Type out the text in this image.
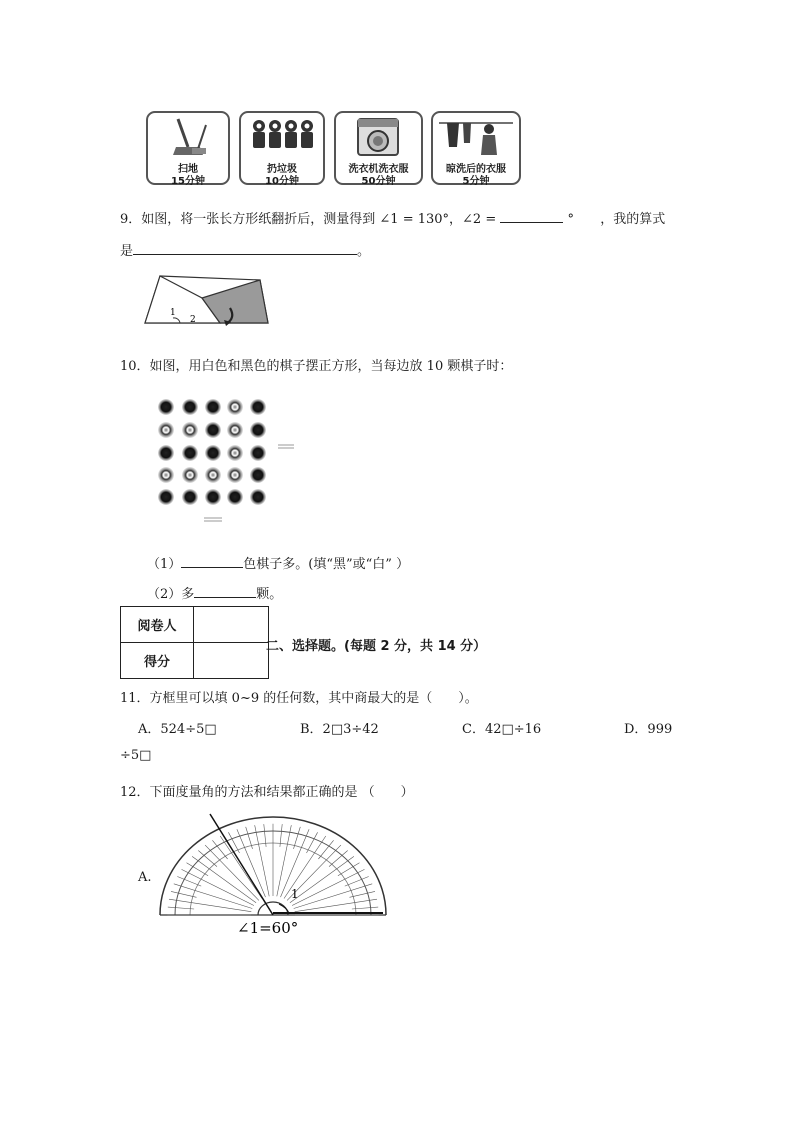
扫地
15分钟
扔垃圾
10分钟
洗衣机洗衣服
50分钟
晾洗后的衣服
5分钟
9．如图，将一张长方形纸翻折后，测量得到 ∠1 = 130°，∠2 =	° ，我的算式
是	。
1
2
10．如图，用白色和黑色的棋子摆正方形，当每边放 10 颗棋子时：
（1）	色棋子多。(填“黑”或“白” ）
（2）多	颗。
阅卷人	
得分	
二、选择题。(每题 2 分，共 14 分）
11．方框里可以填 0~9 的任何数，其中商最大的是（　　）。
A．524÷5□	B．2□3÷42	C．42□÷16	D．999
÷5□
12．下面度量角的方法和结果都正确的是 （　　）
A.
1
∠1=60°
